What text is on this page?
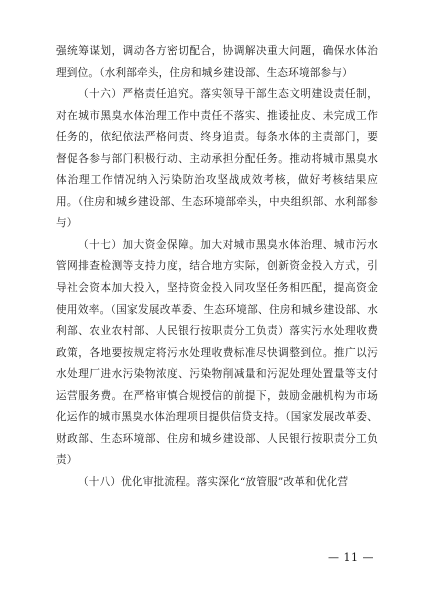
强统筹谋划，调动各方密切配合，协调解决重大问题，确保水体治理到位。（水利部牵头，住房和城乡建设部、生态环境部参与）

（十六）严格责任追究。落实领导干部生态文明建设责任制，对在城市黑臭水体治理工作中责任不落实、推诿扯皮、未完成工作任务的，依纪依法严格问责、终身追责。每条水体的主责部门，要督促各参与部门积极行动、主动承担分配任务。推动将城市黑臭水体治理工作情况纳入污染防治攻坚战成效考核，做好考核结果应用。（住房和城乡建设部、生态环境部牵头，中央组织部、水利部参与）

（十七）加大资金保障。加大对城市黑臭水体治理、城市污水管网排查检测等支持力度，结合地方实际，创新资金投入方式，引导社会资本加大投入，坚持资金投入同攻坚任务相匹配，提高资金使用效率。（国家发展改革委、生态环境部、住房和城乡建设部、水利部、农业农村部、人民银行按职责分工负责）落实污水处理收费政策，各地要按规定将污水处理收费标准尽快调整到位。推广以污水处理厂进水污染物浓度、污染物削减量和污泥处理处置量等支付运营服务费。在严格审慎合规授信的前提下，鼓励金融机构为市场化运作的城市黑臭水体治理项目提供信贷支持。（国家发展改革委、财政部、生态环境部、住房和城乡建设部、人民银行按职责分工负责）

（十八）优化审批流程。落实深化“放管服”改革和优化营

— 11 —
